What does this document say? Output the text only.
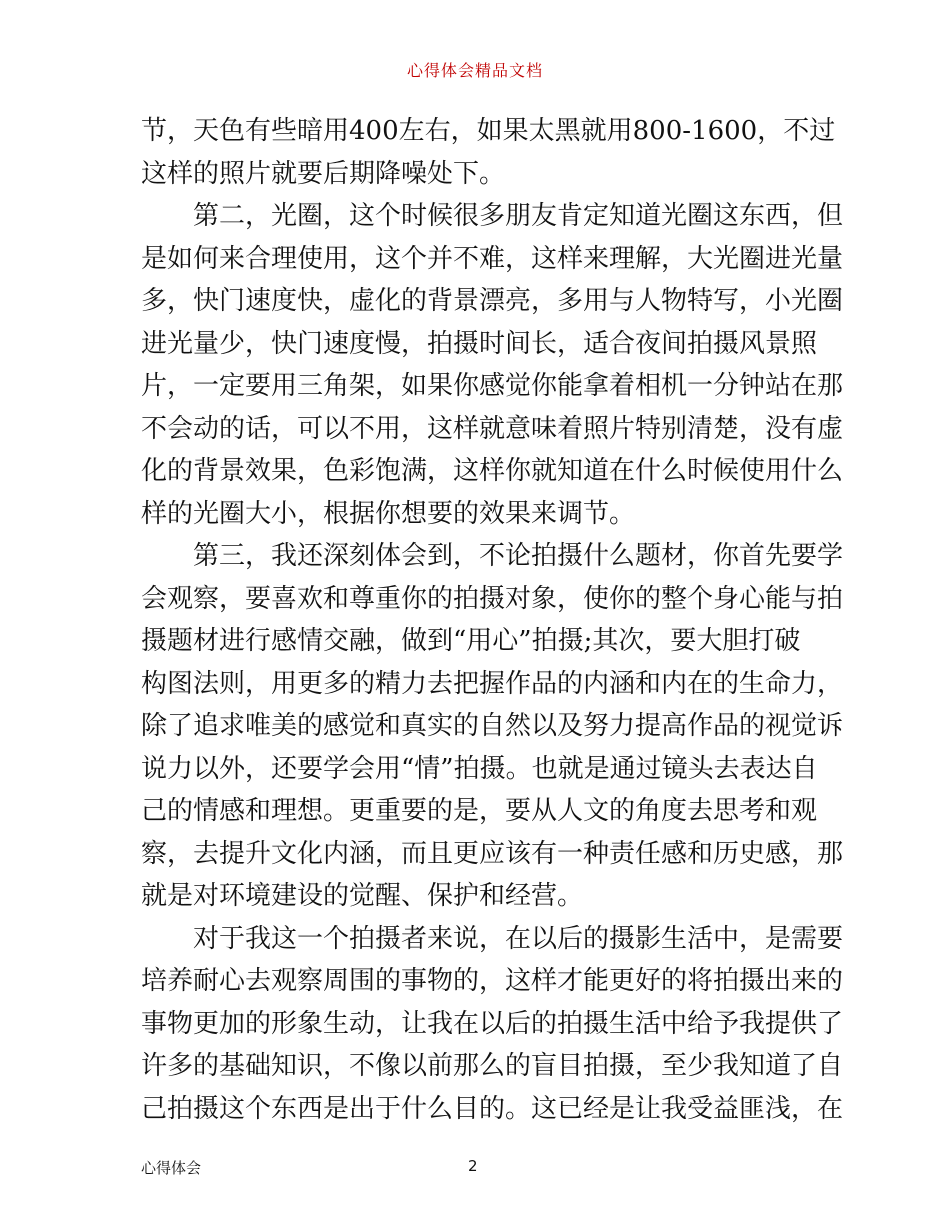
心得体会精品文档
节，天色有些暗用400左右，如果太黑就用800-1600，不过
这样的照片就要后期降噪处下。
　　第二，光圈，这个时候很多朋友肯定知道光圈这东西，但
是如何来合理使用，这个并不难，这样来理解，大光圈进光量
多，快门速度快，虚化的背景漂亮，多用与人物特写，小光圈
进光量少，快门速度慢，拍摄时间长，适合夜间拍摄风景照
片，一定要用三角架，如果你感觉你能拿着相机一分钟站在那
不会动的话，可以不用，这样就意味着照片特别清楚，没有虚
化的背景效果，色彩饱满，这样你就知道在什么时候使用什么
样的光圈大小，根据你想要的效果来调节。
　　第三，我还深刻体会到，不论拍摄什么题材，你首先要学
会观察，要喜欢和尊重你的拍摄对象，使你的整个身心能与拍
摄题材进行感情交融，做到“用心”拍摄;其次，要大胆打破
构图法则，用更多的精力去把握作品的内涵和内在的生命力，
除了追求唯美的感觉和真实的自然以及努力提高作品的视觉诉
说力以外，还要学会用“情”拍摄。也就是通过镜头去表达自
己的情感和理想。更重要的是，要从人文的角度去思考和观
察，去提升文化内涵，而且更应该有一种责任感和历史感，那
就是对环境建设的觉醒、保护和经营。
　　对于我这一个拍摄者来说，在以后的摄影生活中，是需要
培养耐心去观察周围的事物的，这样才能更好的将拍摄出来的
事物更加的形象生动，让我在以后的拍摄生活中给予我提供了
许多的基础知识，不像以前那么的盲目拍摄，至少我知道了自
己拍摄这个东西是出于什么目的。这已经是让我受益匪浅，在
心得体会	2
